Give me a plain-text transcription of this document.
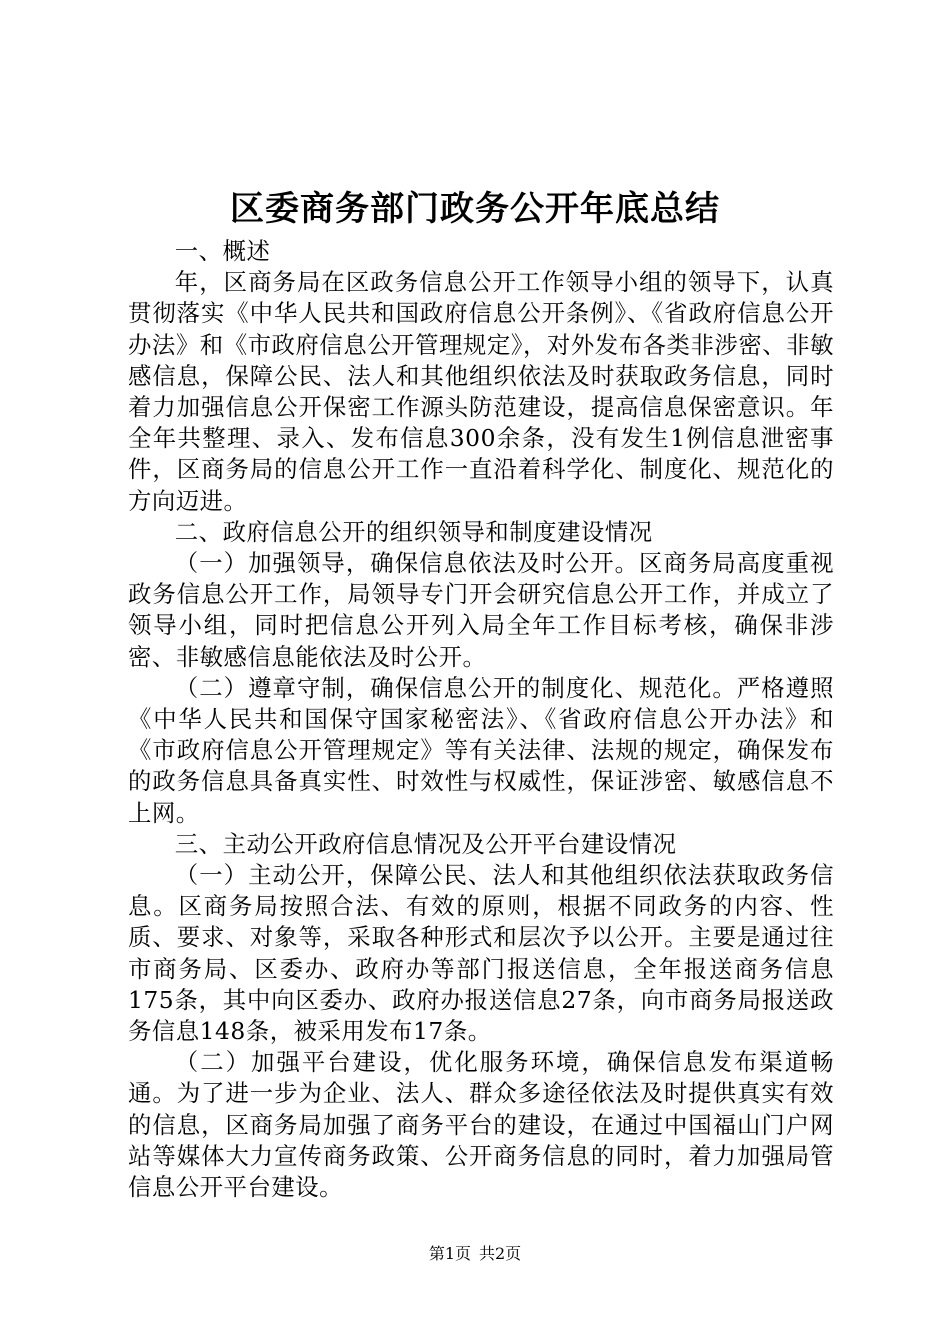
区委商务部门政务公开年底总结

一、概述

年，区商务局在区政务信息公开工作领导小组的领导下，认真贯彻落实《中华人民共和国政府信息公开条例》、《省政府信息公开办法》和《市政府信息公开管理规定》，对外发布各类非涉密、非敏感信息，保障公民、法人和其他组织依法及时获取政务信息，同时着力加强信息公开保密工作源头防范建设，提高信息保密意识。年全年共整理、录入、发布信息300余条，没有发生1例信息泄密事件，区商务局的信息公开工作一直沿着科学化、制度化、规范化的方向迈进。

二、政府信息公开的组织领导和制度建设情况

（一）加强领导，确保信息依法及时公开。区商务局高度重视政务信息公开工作，局领导专门开会研究信息公开工作，并成立了领导小组，同时把信息公开列入局全年工作目标考核，确保非涉密、非敏感信息能依法及时公开。

（二）遵章守制，确保信息公开的制度化、规范化。严格遵照《中华人民共和国保守国家秘密法》、《省政府信息公开办法》和《市政府信息公开管理规定》等有关法律、法规的规定，确保发布的政务信息具备真实性、时效性与权威性，保证涉密、敏感信息不上网。

三、主动公开政府信息情况及公开平台建设情况

（一）主动公开，保障公民、法人和其他组织依法获取政务信息。区商务局按照合法、有效的原则，根据不同政务的内容、性质、要求、对象等，采取各种形式和层次予以公开。主要是通过往市商务局、区委办、政府办等部门报送信息，全年报送商务信息175条，其中向区委办、政府办报送信息27条，向市商务局报送政务信息148条，被采用发布17条。

（二）加强平台建设，优化服务环境，确保信息发布渠道畅通。为了进一步为企业、法人、群众多途径依法及时提供真实有效的信息，区商务局加强了商务平台的建设，在通过中国福山门户网站等媒体大力宣传商务政策、公开商务信息的同时，着力加强局管信息公开平台建设。

第1页 共2页
